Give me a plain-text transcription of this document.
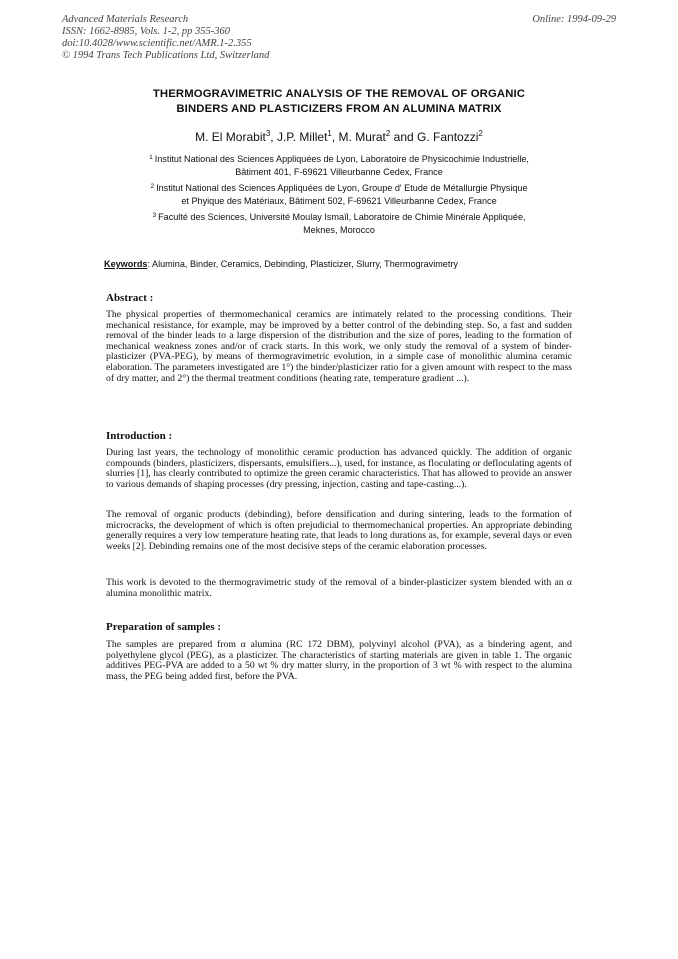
Advanced Materials Research
ISSN: 1662-8985, Vols. 1-2, pp 355-360
doi:10.4028/www.scientific.net/AMR.1-2.355
© 1994 Trans Tech Publications Ltd, Switzerland
Online: 1994-09-29
THERMOGRAVIMETRIC ANALYSIS OF THE REMOVAL OF ORGANIC
BINDERS AND PLASTICIZERS FROM AN ALUMINA MATRIX
M. El Morabit$^3$, J.P. Millet$^1$, M. Murat$^2$ and G. Fantozzi$^2$
$^1$ Institut National des Sciences Appliquées de Lyon, Laboratoire de Physicochimie Industrielle,
Bâtiment 401, F-69621 Villeurbanne Cedex, France
$^2$ Institut National des Sciences Appliquées de Lyon, Groupe d' Etude de Métallurgie Physique
et Phyique des Matériaux, Bâtiment 502, F-69621 Villeurbanne Cedex, France
$^3$ Faculté des Sciences, Université Moulay Ismaïl, Laboratoire de Chimie Minérale Appliquée,
Meknes, Morocco
Keywords: Alumina, Binder, Ceramics, Debinding, Plasticizer, Slurry, Thermogravimetry
Abstract :

The physical properties of thermomechanical ceramics are intimately related to the processing conditions. Their mechanical resistance, for example, may be improved by a better control of the debinding step. So, a fast and sudden removal of the binder leads to a large dispersion of the distribution and the size of pores, leading to the formation of mechanical weakness zones and/or of crack starts. In this work, we only study the removal of a system of binder-plasticizer (PVA-PEG), by means of thermogravimetric evolution, in a simple case of monolithic alumina ceramic elaboration. The parameters investigated are 1°) the binder/plasticizer ratio for a given amount with respect to the mass of dry matter, and 2°) the thermal treatment conditions (heating rate, temperature gradient ...).

Introduction :

During last years, the technology of monolithic ceramic production has advanced quickly. The addition of organic compounds (binders, plasticizers, dispersants, emulsifiers...), used, for instance, as floculating or defloculating agents of slurries [1], has clearly contributed to optimize the green ceramic characteristics. That has allowed to provide an answer to various demands of shaping processes (dry pressing, injection, casting and tape-casting...).

The removal of organic products (debinding), before densification and during sintering, leads to the formation of microcracks, the development of which is often prejudicial to thermomechanical properties. An appropriate debinding generally requires a very low temperature heating rate, that leads to long durations as, for example, several days or even weeks [2]. Debinding remains one of the most decisive steps of the ceramic elaboration processes.

This work is devoted to the thermogravimetric study of the removal of a binder-plasticizer system blended with an α alumina monolithic matrix.

Preparation of samples :

The samples are prepared from α alumina (RC 172 DBM), polyvinyl alcohol (PVA), as a bindering agent, and polyethylene glycol (PEG), as a plasticizer. The characteristics of starting materials are given in table 1. The organic additives PEG-PVA are added to a 50 wt % dry matter slurry, in the proportion of 3 wt % with respect to the alumina mass, the PEG being added first, before the PVA.
